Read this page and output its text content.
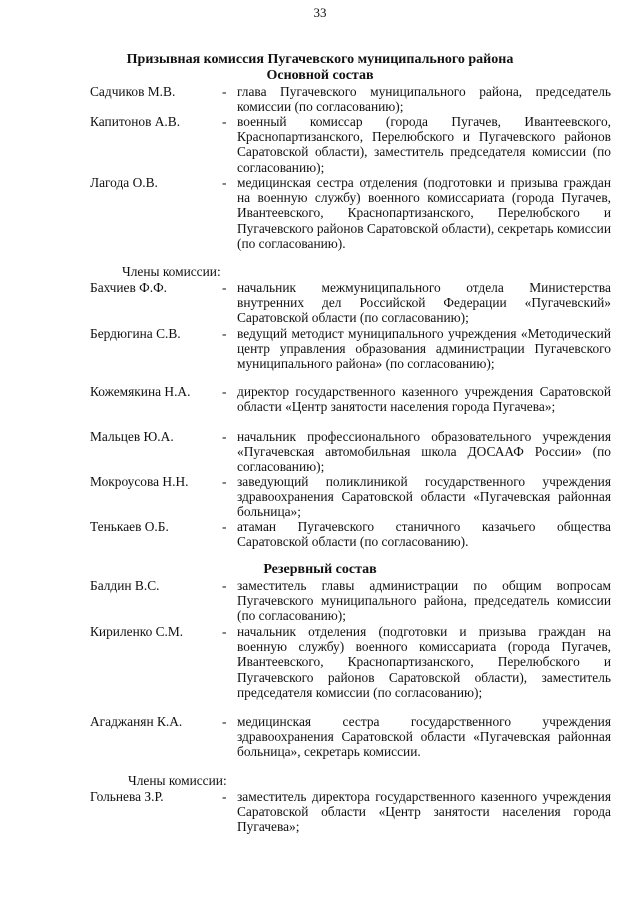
33
Призывная комиссия Пугачевского муниципального района
Основной состав
Садчиков М.В.	- глава Пугачевского муниципального района, председатель комиссии (по согласованию);
Капитонов А.В.	- военный комиссар (города Пугачев, Ивантеевского, Краснопартизанского, Перелюбского и Пугачевского районов Саратовской области), заместитель председателя комиссии (по согласованию);
Лагода О.В.	- медицинская сестра отделения (подготовки и призыва граждан на военную службу) военного комиссариата (города Пугачев, Ивантеевского, Краснопартизанского, Перелюбского и Пугачевского районов Саратовской области), секретарь комиссии (по согласованию).
Члены комиссии:
Бахчиев Ф.Ф.	- начальник межмуниципального отдела Министерства внутренних дел Российской Федерации «Пугачевский» Саратовской области (по согласованию);
Бердюгина С.В.	- ведущий методист муниципального учреждения «Методический центр управления образования администрации Пугачевского муниципального района» (по согласованию);
Кожемякина Н.А. - директор государственного казенного учреждения Саратовской области «Центр занятости населения города Пугачева»;
Мальцев Ю.А.	- начальник профессионального образовательного учреждения «Пугачевская автомобильная школа ДОСААФ России» (по согласованию);
Мокроусова Н.Н.	- заведующий поликлиникой государственного учреждения здравоохранения Саратовской области «Пугачевская районная больница»;
Тенькаев О.Б.	- атаман Пугачевского станичного казачьего общества Саратовской области (по согласованию).
Резервный состав
Балдин В.С.	- заместитель главы администрации по общим вопросам Пугачевского муниципального района, председатель комиссии (по согласованию);
Кириленко С.М.	- начальник отделения (подготовки и призыва граждан на военную службу) военного комиссариата (города Пугачев, Ивантеевского, Краснопартизанского, Перелюбского и Пугачевского районов Саратовской области), заместитель председателя комиссии (по согласованию);
Агаджанян К.А.	- медицинская сестра государственного учреждения здравоохранения Саратовской области «Пугачевская районная больница», секретарь комиссии.
Члены комиссии:
Гольнева З.Р.	- заместитель директора государственного казенного учреждения Саратовской области «Центр занятости населения города Пугачева»;
